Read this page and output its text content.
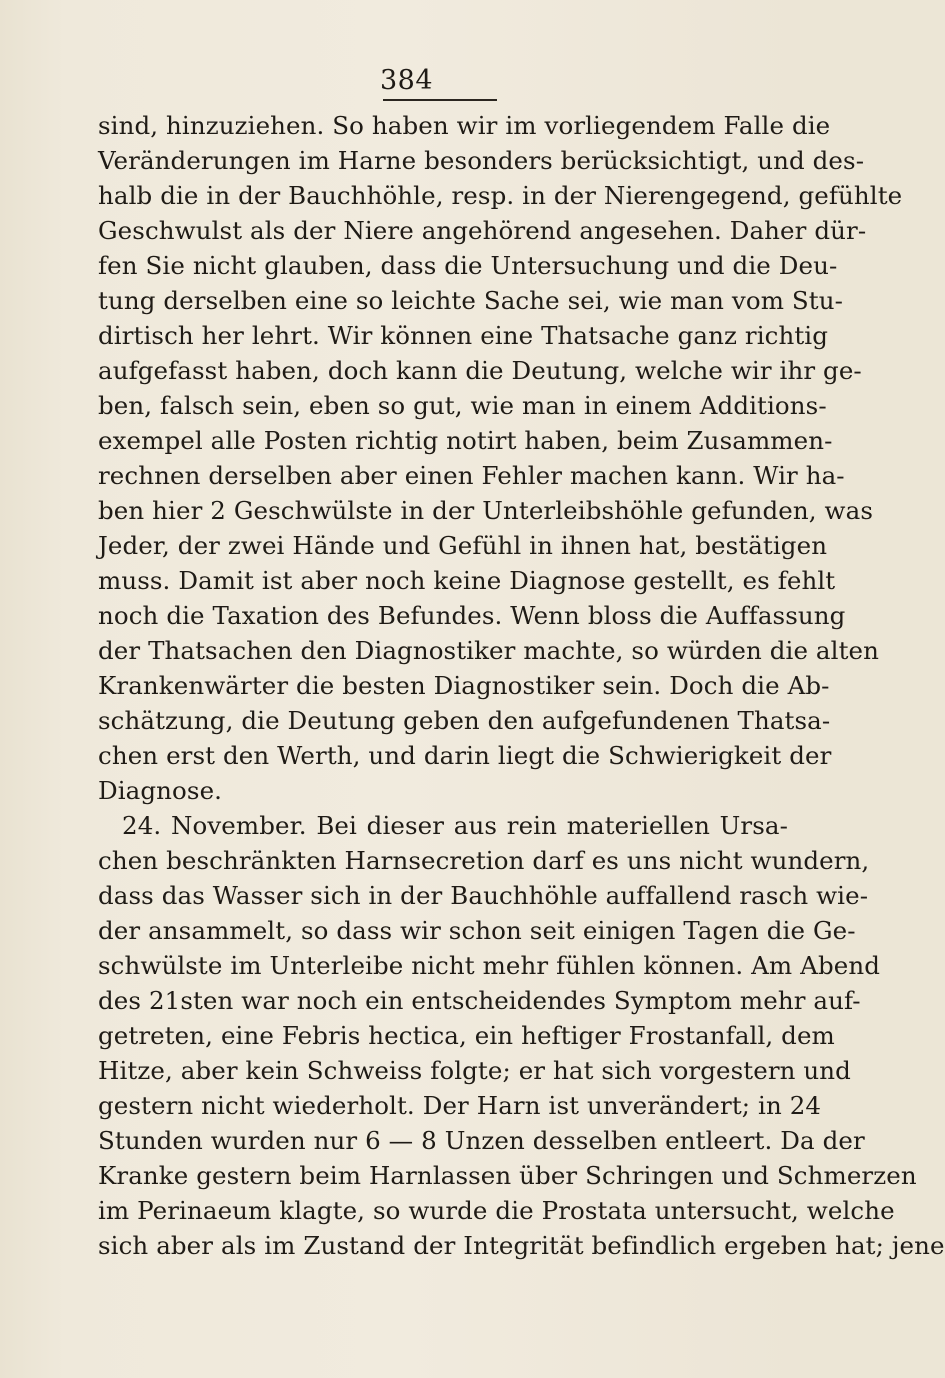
384
sind, hinzuziehen. So haben wir im vorliegendem Falle die
Veränderungen im Harne besonders berücksichtigt, und des-
halb die in der Bauchhöhle, resp. in der Nierengegend, gefühlte
Geschwulst als der Niere angehörend angesehen. Daher dür-
fen Sie nicht glauben, dass die Untersuchung und die Deu-
tung derselben eine so leichte Sache sei, wie man vom Stu-
dirtisch her lehrt. Wir können eine Thatsache ganz richtig
aufgefasst haben, doch kann die Deutung, welche wir ihr ge-
ben, falsch sein, eben so gut, wie man in einem Additions-
exempel alle Posten richtig notirt haben, beim Zusammen-
rechnen derselben aber einen Fehler machen kann. Wir ha-
ben hier 2 Geschwülste in der Unterleibshöhle gefunden, was
Jeder, der zwei Hände und Gefühl in ihnen hat, bestätigen
muss. Damit ist aber noch keine Diagnose gestellt, es fehlt
noch die Taxation des Befundes. Wenn bloss die Auffassung
der Thatsachen den Diagnostiker machte, so würden die alten
Krankenwärter die besten Diagnostiker sein. Doch die Ab-
schätzung, die Deutung geben den aufgefundenen Thatsa-
chen erst den Werth, und darin liegt die Schwierigkeit der
Diagnose.
24. November. Bei dieser aus rein materiellen Ursa-
chen beschränkten Harnsecretion darf es uns nicht wundern,
dass das Wasser sich in der Bauchhöhle auffallend rasch wie-
der ansammelt, so dass wir schon seit einigen Tagen die Ge-
schwülste im Unterleibe nicht mehr fühlen können. Am Abend
des 21sten war noch ein entscheidendes Symptom mehr auf-
getreten, eine Febris hectica, ein heftiger Frostanfall, dem
Hitze, aber kein Schweiss folgte; er hat sich vorgestern und
gestern nicht wiederholt. Der Harn ist unverändert; in 24
Stunden wurden nur 6 — 8 Unzen desselben entleert. Da der
Kranke gestern beim Harnlassen über Schringen und Schmerzen
im Perinaeum klagte, so wurde die Prostata untersucht, welche
sich aber als im Zustand der Integrität befindlich ergeben hat; jene
